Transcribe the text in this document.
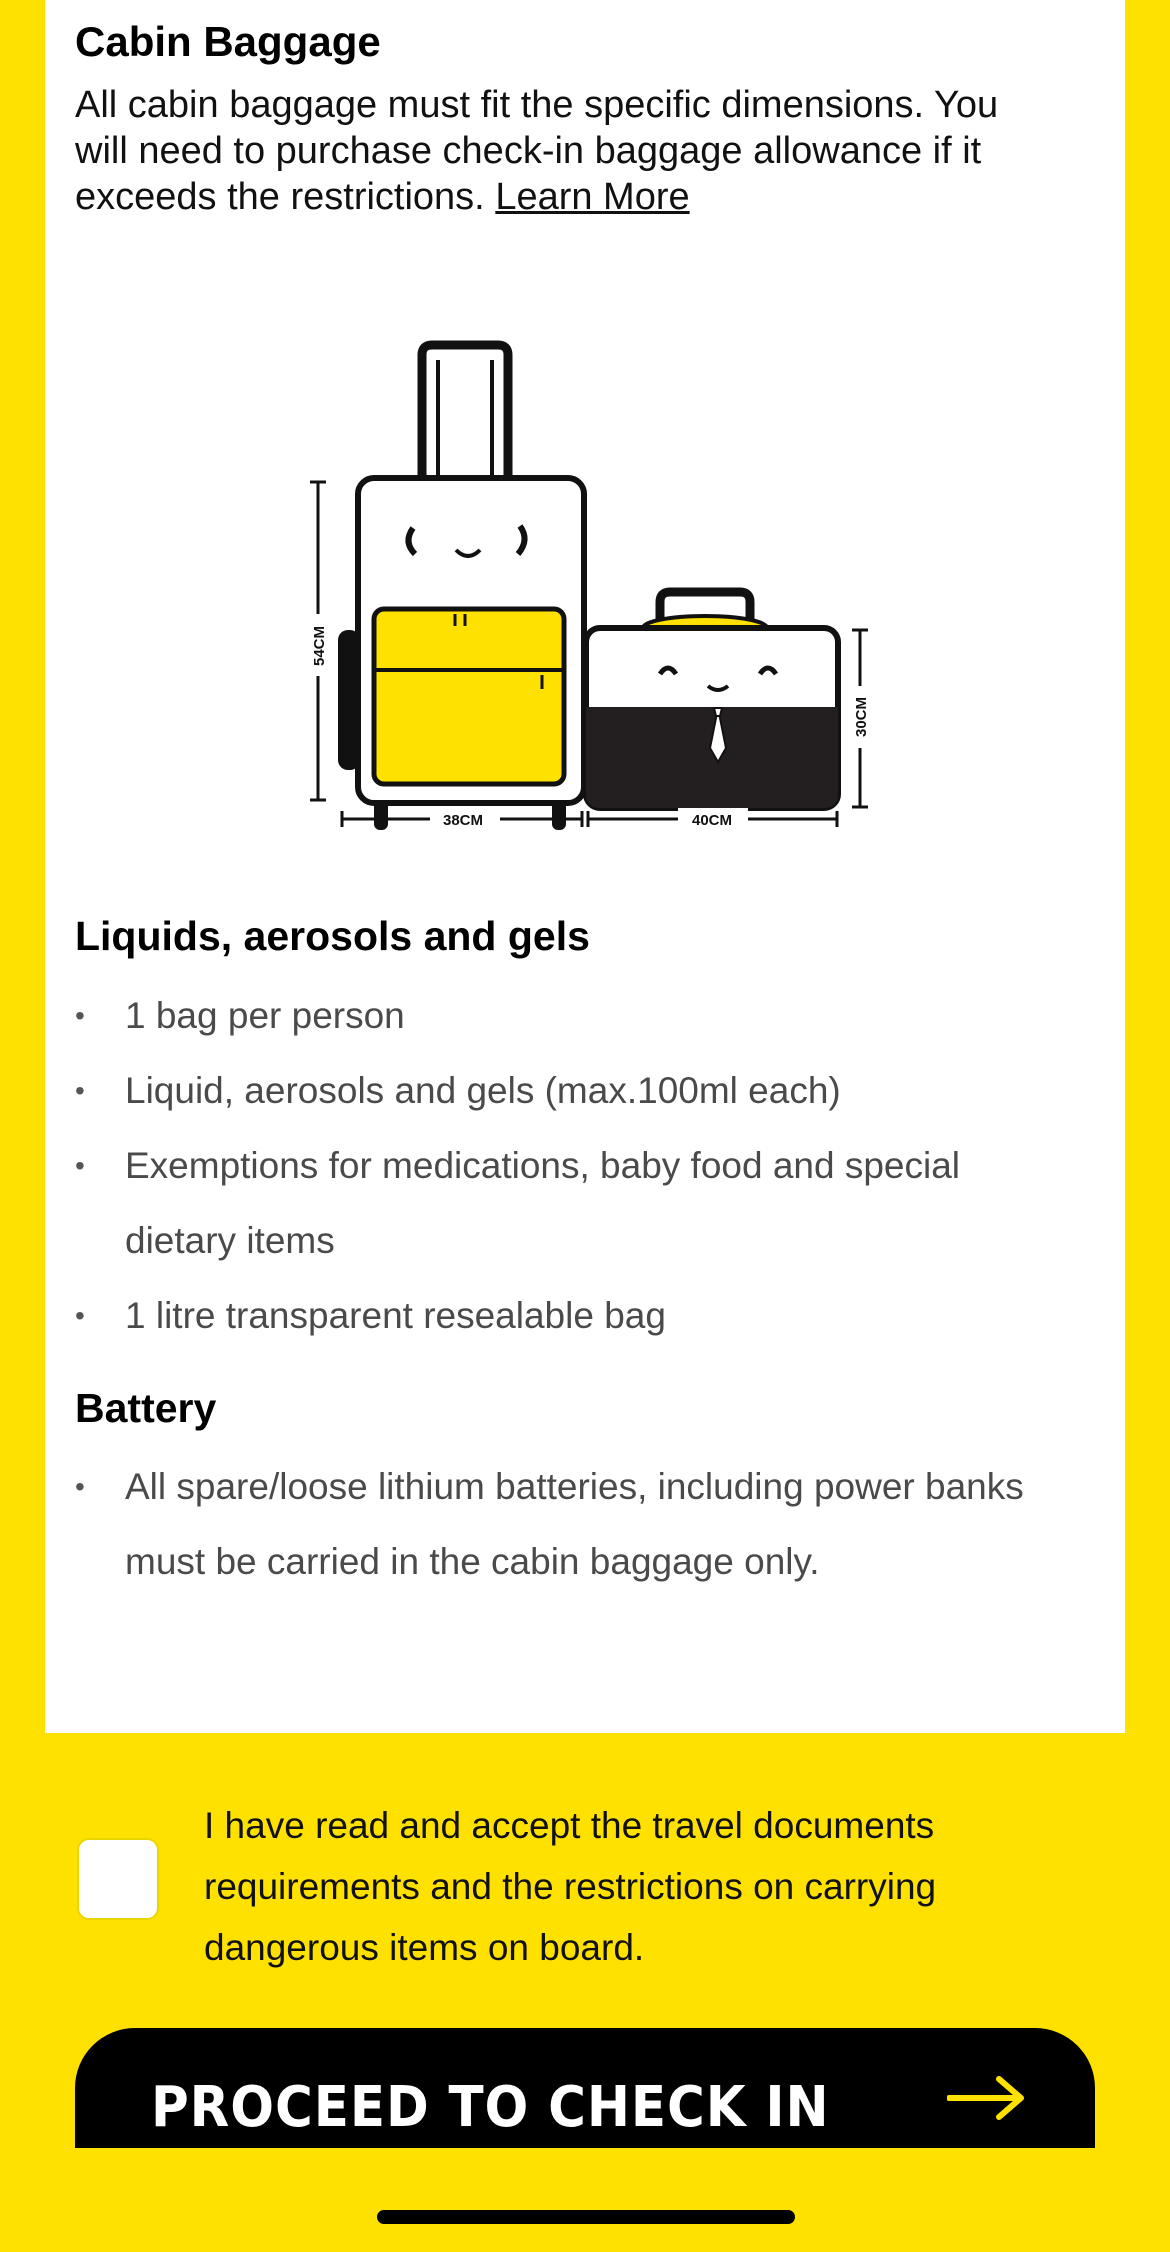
Cabin Baggage
All cabin baggage must fit the specific dimensions. You will need to purchase check-in baggage allowance if it exceeds the restrictions. Learn More
54CM
30CM
38CM	40CM
Liquids, aerosols and gels
• 1 bag per person
• Liquid, aerosols and gels (max.100ml each)
• Exemptions for medications, baby food and special dietary items
• 1 litre transparent resealable bag
Battery
• All spare/loose lithium batteries, including power banks must be carried in the cabin baggage only.
I have read and accept the travel documents requirements and the restrictions on carrying dangerous items on board.
PROCEED TO CHECK IN
